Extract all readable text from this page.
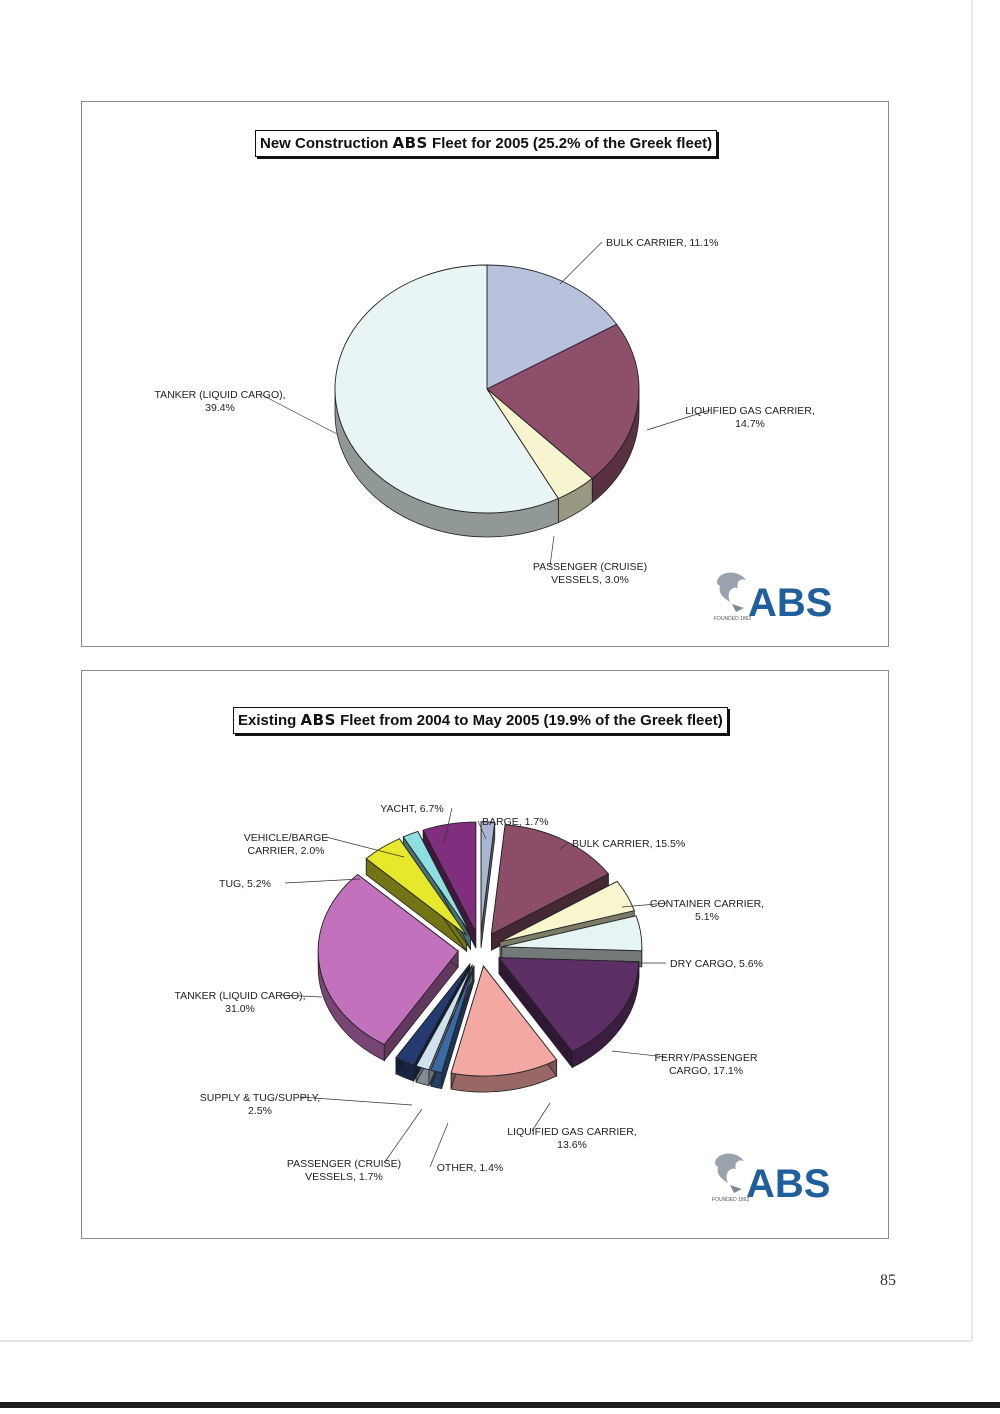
New Construction ABS Fleet for 2005 (25.2% of the Greek fleet)
BULK CARRIER, 11.1%
LIQUIFIED GAS CARRIER, 14.7%
PASSENGER (CRUISE) VESSELS, 3.0%
TANKER (LIQUID CARGO), 39.4%
FOUNDED 1862
ABS
Existing ABS Fleet from 2004 to May 2005 (19.9% of the Greek fleet)
BARGE, 1.7%
BULK CARRIER, 15.5%
CONTAINER CARRIER, 5.1%
DRY CARGO, 5.6%
FERRY/PASSENGER CARGO, 17.1%
LIQUIFIED GAS CARRIER, 13.6%
OTHER, 1.4%
PASSENGER (CRUISE) VESSELS, 1.7%
SUPPLY & TUG/SUPPLY, 2.5%
TANKER (LIQUID CARGO), 31.0%
TUG, 5.2%
VEHICLE/BARGE CARRIER, 2.0%
YACHT, 6.7%
FOUNDED 1862
ABS
85
